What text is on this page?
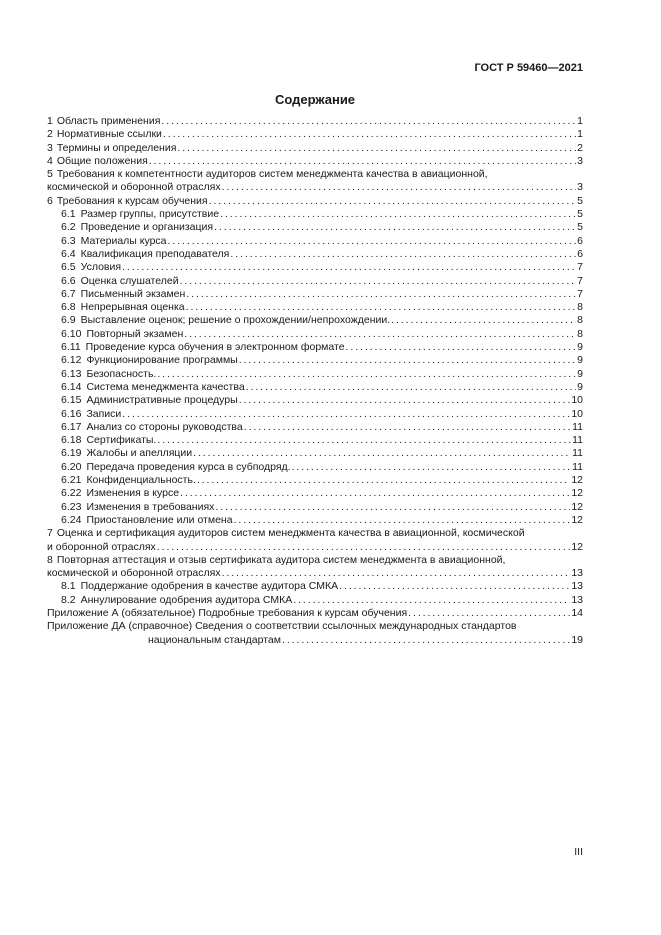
ГОСТ Р 59460—2021
Содержание
1 Область применения . . .	1
2 Нормативные ссылки . . .	1
3 Термины и определения . . .	2
4 Общие положения . . .	3
5 Требования к компетентности аудиторов систем менеджмента качества в авиационной,
космической и оборонной отраслях . . .	3
6 Требования к курсам обучения . . .	5
6.1 Размер группы, присутствие . . .	5
6.2 Проведение и организация . . .	5
6.3 Материалы курса . . .	6
6.4 Квалификация преподавателя . . .	6
6.5 Условия . . .	7
6.6 Оценка слушателей . . .	7
6.7 Письменный экзамен . . .	7
6.8 Непрерывная оценка . . .	8
6.9 Выставление оценок; решение о прохождении/непрохождении. . . .	8
6.10 Повторный экзамен . . .	8
6.11 Проведение курса обучения в электронном формате . . .	9
6.12 Функционирование программы . . .	9
6.13 Безопасность. . . .	9
6.14 Система менеджмента качества . . .	9
6.15 Административные процедуры . . .	10
6.16 Записи . . .	10
6.17 Анализ со стороны руководства . . .	11
6.18 Сертификаты. . . .	11
6.19 Жалобы и апелляции . . .	11
6.20 Передача проведения курса в субподряд. . . .	11
6.21 Конфиденциальность. . . .	12
6.22 Изменения в курсе . . .	12
6.23 Изменения в требованиях . . .	12
6.24 Приостановление или отмена . . .	12
7 Оценка и сертификация аудиторов систем менеджмента качества в авиационной, космической
и оборонной отраслях . . .	12
8 Повторная аттестация и отзыв сертификата аудитора систем менеджмента в авиационной,
космической и оборонной отраслях . . .	13
8.1 Поддержание одобрения в качестве аудитора СМКА . . .	13
8.2 Аннулирование одобрения аудитора СМКА . . .	13
Приложение А (обязательное) Подробные требования к курсам обучения . . .	14
Приложение ДА (справочное) Сведения о соответствии ссылочных международных стандартов
национальным стандартам . . .	19
III
